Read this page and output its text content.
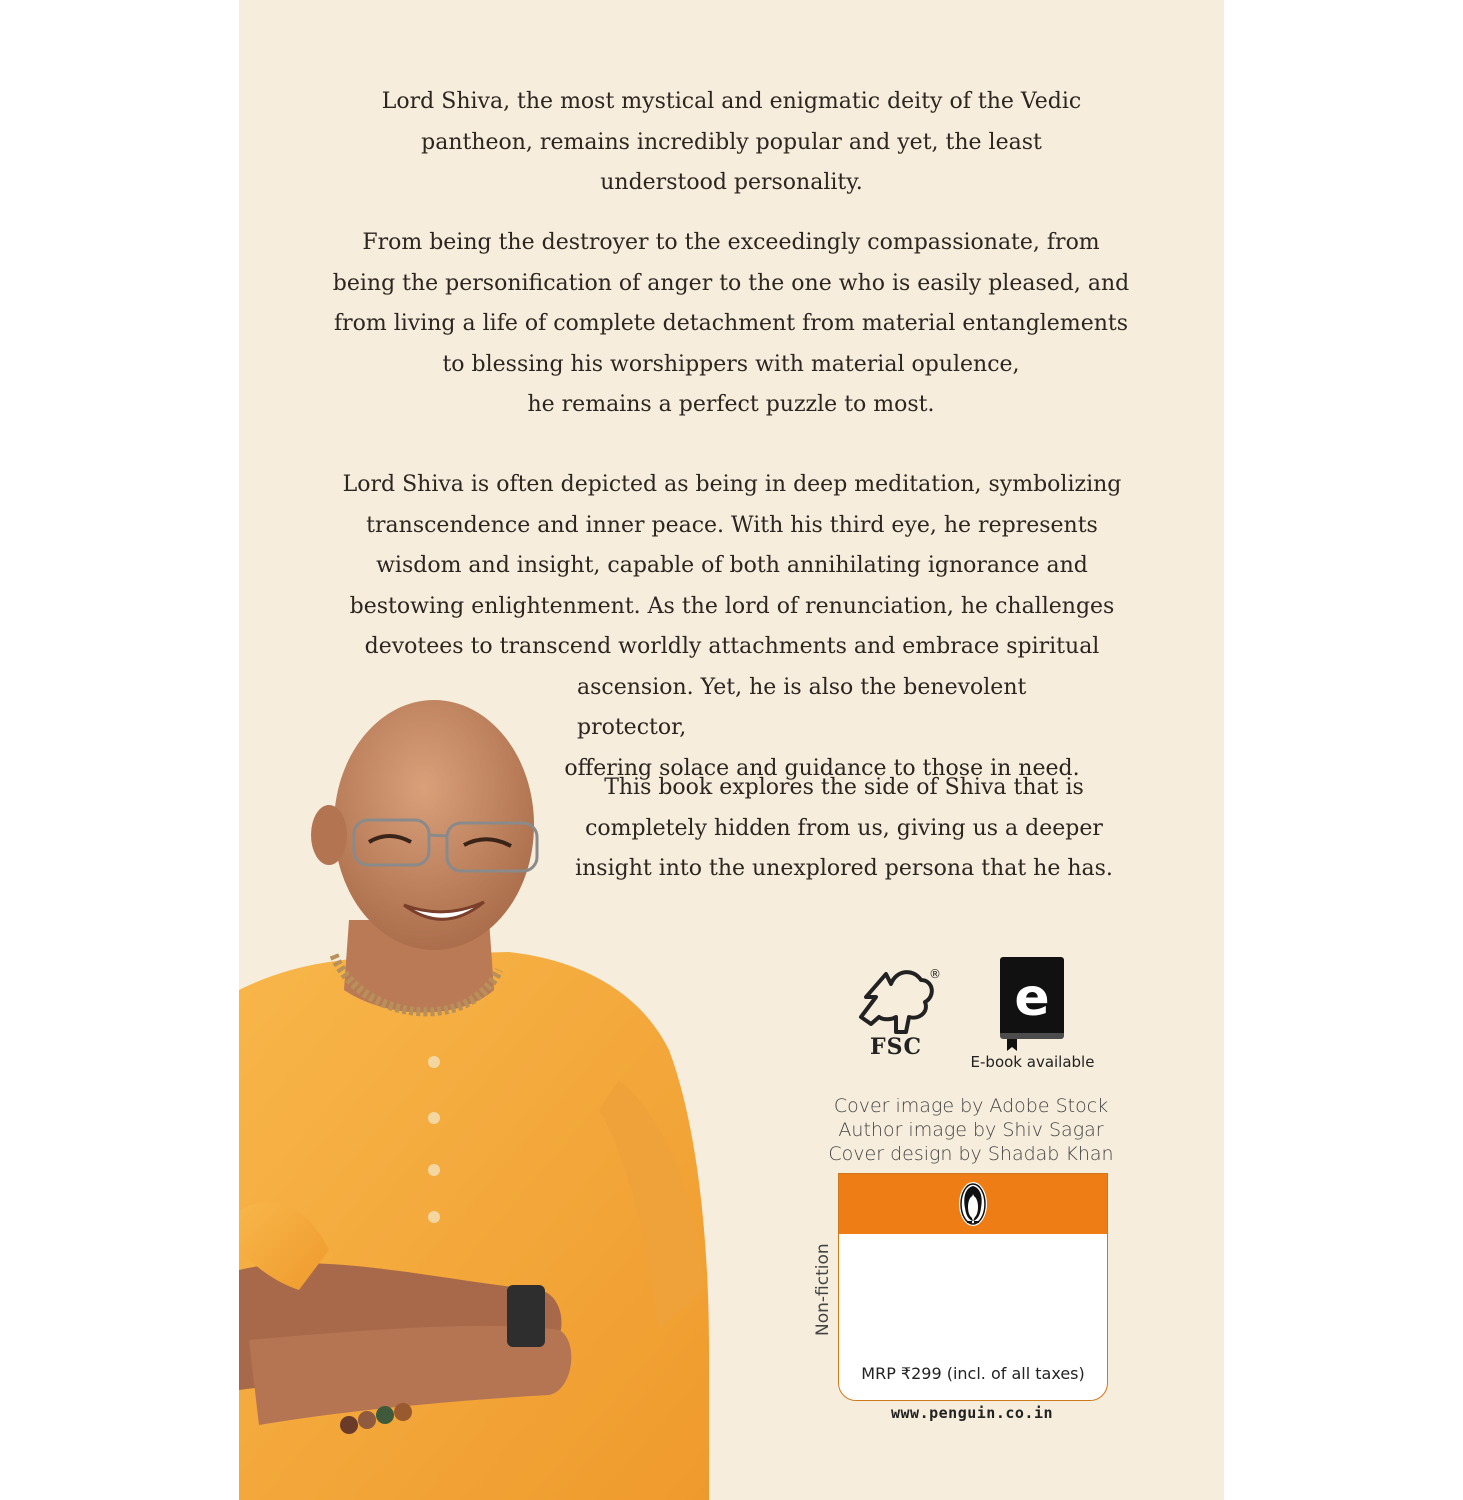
Lord Shiva, the most mystical and enigmatic deity of the Vedic
pantheon, remains incredibly popular and yet, the least
understood personality.

From being the destroyer to the exceedingly compassionate, from
being the personification of anger to the one who is easily pleased, and
from living a life of complete detachment from material entanglements
to blessing his worshippers with material opulence,
he remains a perfect puzzle to most.

Lord Shiva is often depicted as being in deep meditation, symbolizing
transcendence and inner peace. With his third eye, he represents
wisdom and insight, capable of both annihilating ignorance and
bestowing enlightenment. As the lord of renunciation, he challenges
devotees to transcend worldly attachments and embrace spiritual
ascension. Yet, he is also the benevolent protector,
offering solace and guidance to those in need.

This book explores the side of Shiva that is
completely hidden from us, giving us a deeper
insight into the unexplored persona that he has.

®
FSC
e
E-book available
Cover image by Adobe Stock
Author image by Shiv Sagar
Cover design by Shadab Khan
Non-fiction
MRP ₹299 (incl. of all taxes)
www.penguin.co.in
